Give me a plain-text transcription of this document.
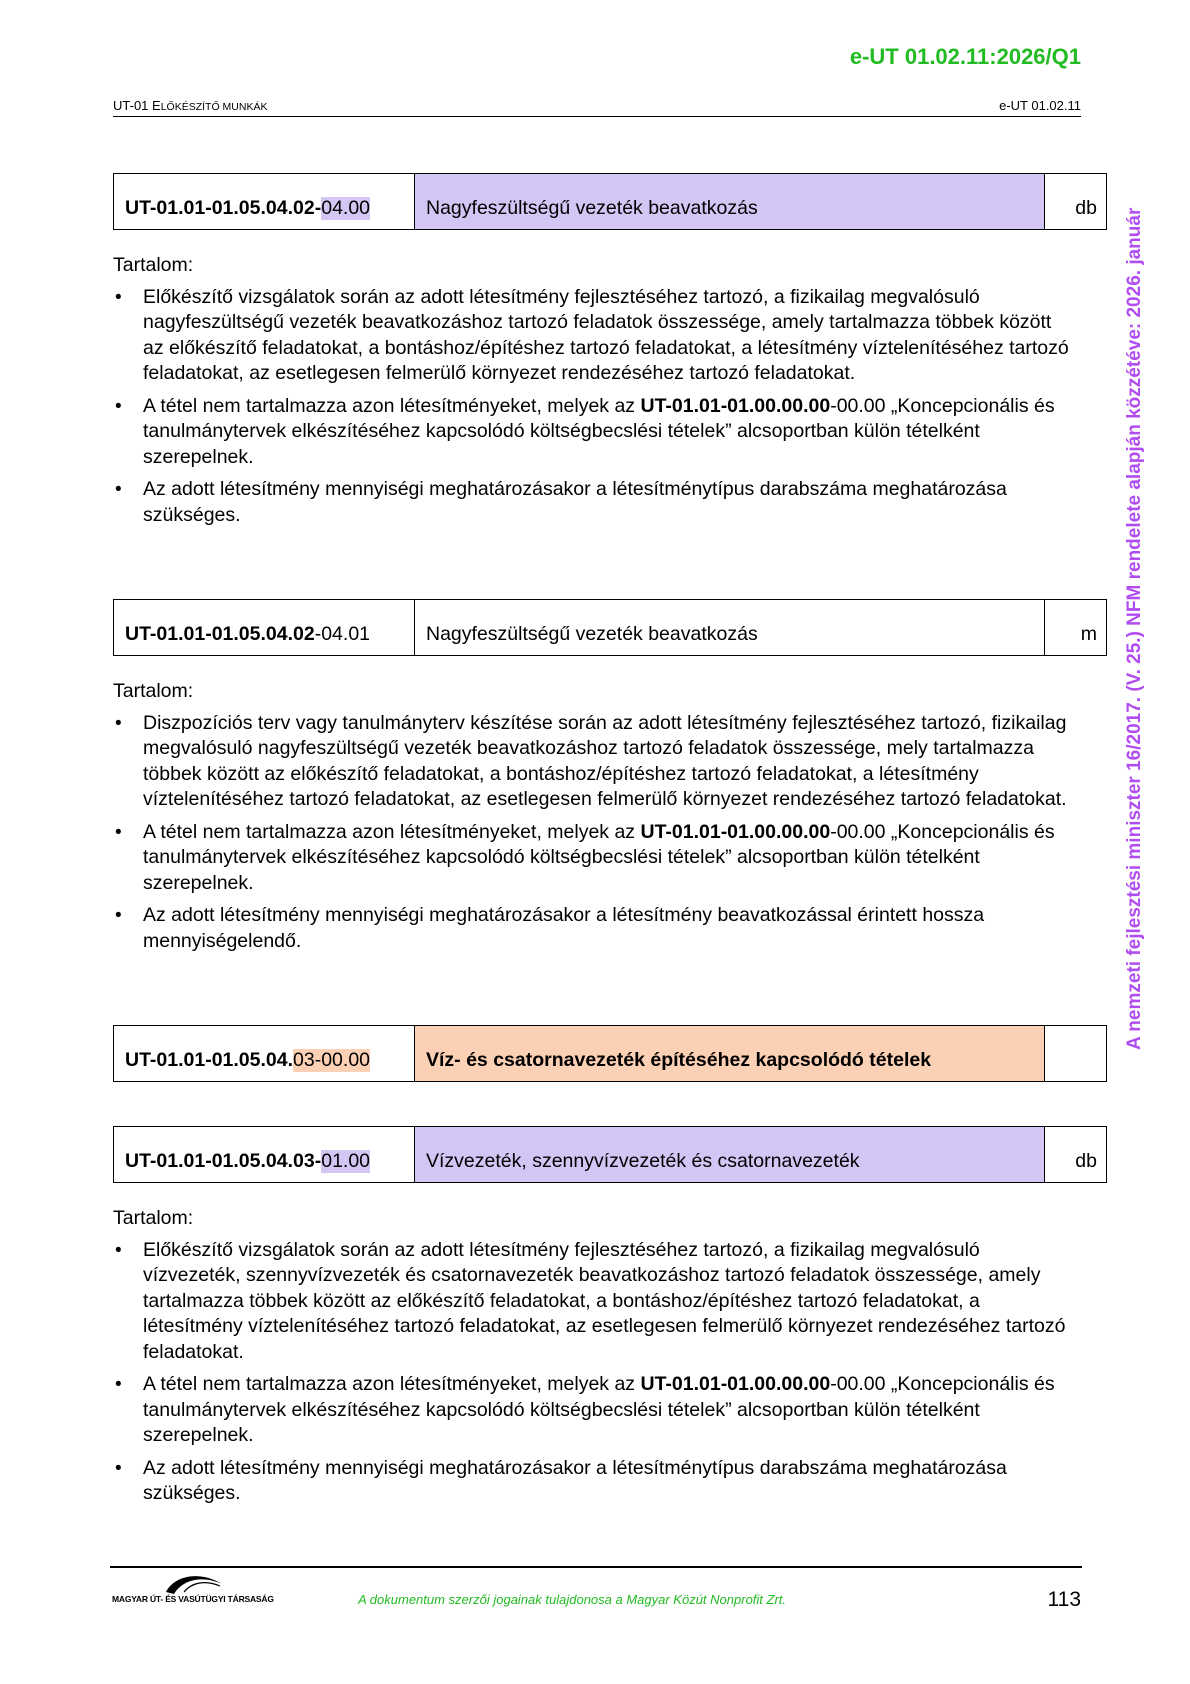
e-UT 01.02.11:2026/Q1
UT-01 ELŐKÉSZÍTŐ MUNKÁK	e-UT 01.02.11
UT-01.01-01.05.04.02- 04.00	Nagyfeszültségű vezeték beavatkozás	db
Tartalom:
• Előkészítő vizsgálatok során az adott létesítmény fejlesztéséhez tartozó, a fizikailag megvalósuló nagyfeszültségű vezeték beavatkozáshoz tartozó feladatok összessége, amely tartalmazza többek között az előkészítő feladatokat, a bontáshoz/építéshez tartozó feladatokat, a létesítmény víztelenítéséhez tartozó feladatokat, az esetlegesen felmerülő környezet rendezéséhez tartozó feladatokat.
• A tétel nem tartalmazza azon létesítményeket, melyek az UT-01.01-01.00.00.00-00.00 „Koncepcionális és tanulmánytervek elkészítéséhez kapcsolódó költségbecslési tételek” alcsoportban külön tételként szerepelnek.
• Az adott létesítmény mennyiségi meghatározásakor a létesítménytípus darabszáma meghatározása szükséges.
UT-01.01-01.05.04.02 -04.01	Nagyfeszültségű vezeték beavatkozás	m
Tartalom:
• Diszpozíciós terv vagy tanulmányterv készítése során az adott létesítmény fejlesztéséhez tartozó, fizikailag megvalósuló nagyfeszültségű vezeték beavatkozáshoz tartozó feladatok összessége, mely tartalmazza többek között az előkészítő feladatokat, a bontáshoz/építéshez tartozó feladatokat, a létesítmény víztelenítéséhez tartozó feladatokat, az esetlegesen felmerülő környezet rendezéséhez tartozó feladatokat.
• A tétel nem tartalmazza azon létesítményeket, melyek az UT-01.01-01.00.00.00-00.00 „Koncepcionális és tanulmánytervek elkészítéséhez kapcsolódó költségbecslési tételek” alcsoportban külön tételként szerepelnek.
• Az adott létesítmény mennyiségi meghatározásakor a létesítmény beavatkozással érintett hossza mennyiségelendő.
UT-01.01-01.05.04. 03-00.00	Víz- és csatornavezeték építéséhez kapcsolódó tételek
UT-01.01-01.05.04.03- 01.00	Vízvezeték, szennyvízvezeték és csatornavezeték	db
Tartalom:
• Előkészítő vizsgálatok során az adott létesítmény fejlesztéséhez tartozó, a fizikailag megvalósuló vízvezeték, szennyvízvezeték és csatornavezeték beavatkozáshoz tartozó feladatok összessége, amely tartalmazza többek között az előkészítő feladatokat, a bontáshoz/építéshez tartozó feladatokat, a létesítmény víztelenítéséhez tartozó feladatokat, az esetlegesen felmerülő környezet rendezéséhez tartozó feladatokat.
• A tétel nem tartalmazza azon létesítményeket, melyek az UT-01.01-01.00.00.00-00.00 „Koncepcionális és tanulmánytervek elkészítéséhez kapcsolódó költségbecslési tételek” alcsoportban külön tételként szerepelnek.
• Az adott létesítmény mennyiségi meghatározásakor a létesítménytípus darabszáma meghatározása szükséges.
A nemzeti fejlesztési miniszter 16/2017. (V. 25.) NFM rendelete alapján közzétéve: 2026. január
MAGYAR ÚT- ÉS VASÚTÜGYI TÁRSASÁG	A dokumentum szerzői jogainak tulajdonosa a Magyar Közút Nonprofit Zrt.	113
